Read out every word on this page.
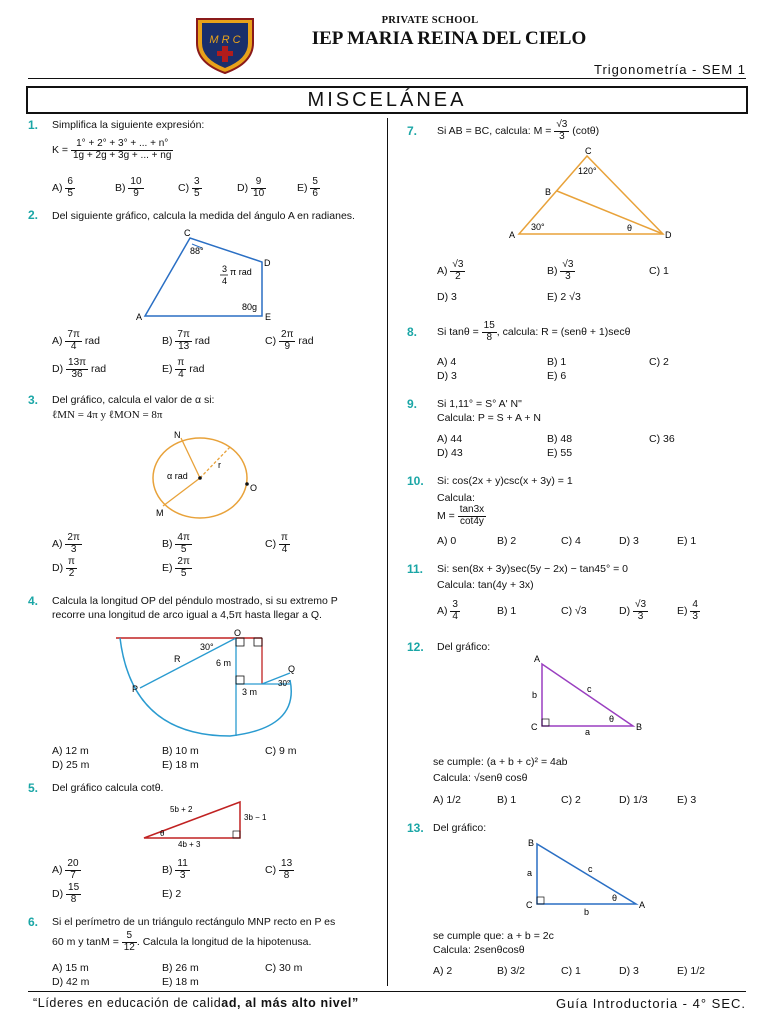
M R C
PRIVATE SCHOOL
IEP MARIA REINA DEL CIELO
Trigonometría - SEM 1
MISCELÁNEA
1. Simplifica la siguiente expresión:
$K = \frac{1^\circ + 2^\circ + 3^\circ + ... + n^\circ}{1g + 2g + 3g + ... + ng}$
$A) \frac{6}{5}$	$B) \frac{10}{9}$	$C) \frac{3}{5}$	$D) \frac{9}{10}$	$E) \frac{5}{6}$
2. Del siguiente gráfico, calcula la medida del ángulo A en radianes.
C
D
A	E
88°
3
4
π rad
80g
$A) \frac{7\pi}{4}$ rad	$B) \frac{7\pi}{13}$ rad	$C) \frac{2\pi}{9}$ rad
$D) \frac{13\pi}{36}$ rad	$E) \frac{\pi}{4}$ rad
3. Del gráfico, calcula el valor de α si:
ℓMN = 4π y ℓMON = 8π
N
M
O
r
α rad
$A) \frac{2\pi}{3}$	$B) \frac{4\pi}{5}$	$C) \frac{\pi}{4}$
$D) \frac{\pi}{2}$	$E) \frac{2\pi}{5}$
4. Calcula la longitud OP del péndulo mostrado, si su extremo P
recorre una longitud de arco igual a 4,5π hasta llegar a Q.
O
P
Q
R
30°
6 m
3 m
30°
A) 12 m	B) 10 m	C) 9 m
D) 25 m	E) 18 m
5. Del gráfico calcula cotθ.
5b + 2
3b − 1
4b + 3
θ
$A) \frac{20}{7}$	$B) \frac{11}{3}$	$C) \frac{13}{8}$
$D) \frac{15}{8}$	E) 2
6. Si el perímetro de un triángulo rectángulo MNP recto en P es
60 m y $\tan M = \frac{5}{12}$ . Calcula la longitud de la hipotenusa.
A) 15 m	B) 26 m	C) 30 m
D) 42 m	E) 18 m
7. Si AB = BC, calcula: $M = \frac{√3}{3} (\cot\theta)$
C
B
A	D
120°
30°	θ
$A) \frac{√3}{2}$	$B) \frac{√3}{3}$	C) 1
D) 3	E) 2 √3
8. Si $\tan\theta = \frac{15}{8}$ , calcula: R = (senθ + 1)secθ
A) 4	B) 1	C) 2
D) 3	E) 6
9. Si 1,11° = S° A' N"
Calcula: P = S + A + N
A) 44	B) 48	C) 36
D) 43	E) 55
10. Si: cos(2x + y)csc(x + 3y) = 1
Calcula:
$M = \frac{\tan 3x}{\cot 4y}$
A) 0	B) 2	C) 4	D) 3	E) 1
11. Si: sen(8x + 3y)sec(5y − 2x) − tan45° = 0
Calcula: tan(4y + 3x)
$A) \frac{3}{4}$	B) 1	C) √3	$D) \frac{√3}{3}$	$E) \frac{4}{3}$
12. Del gráfico:
A
B
C	a
b
c
θ
se cumple: (a + b + c)² = 4ab
Calcula: √senθ cosθ
A) 1/2	B) 1	C) 2	D) 1/3	E) 3
13. Del gráfico:
B
A
C
b
a	c
θ
se cumple que: a + b = 2c
Calcula: 2senθcosθ
A) 2	B) 3/2	C) 1	D) 3	E) 1/2
“Líderes en educación de calidad, al más alto nivel”	Guía Introductoria - 4° SEC.
